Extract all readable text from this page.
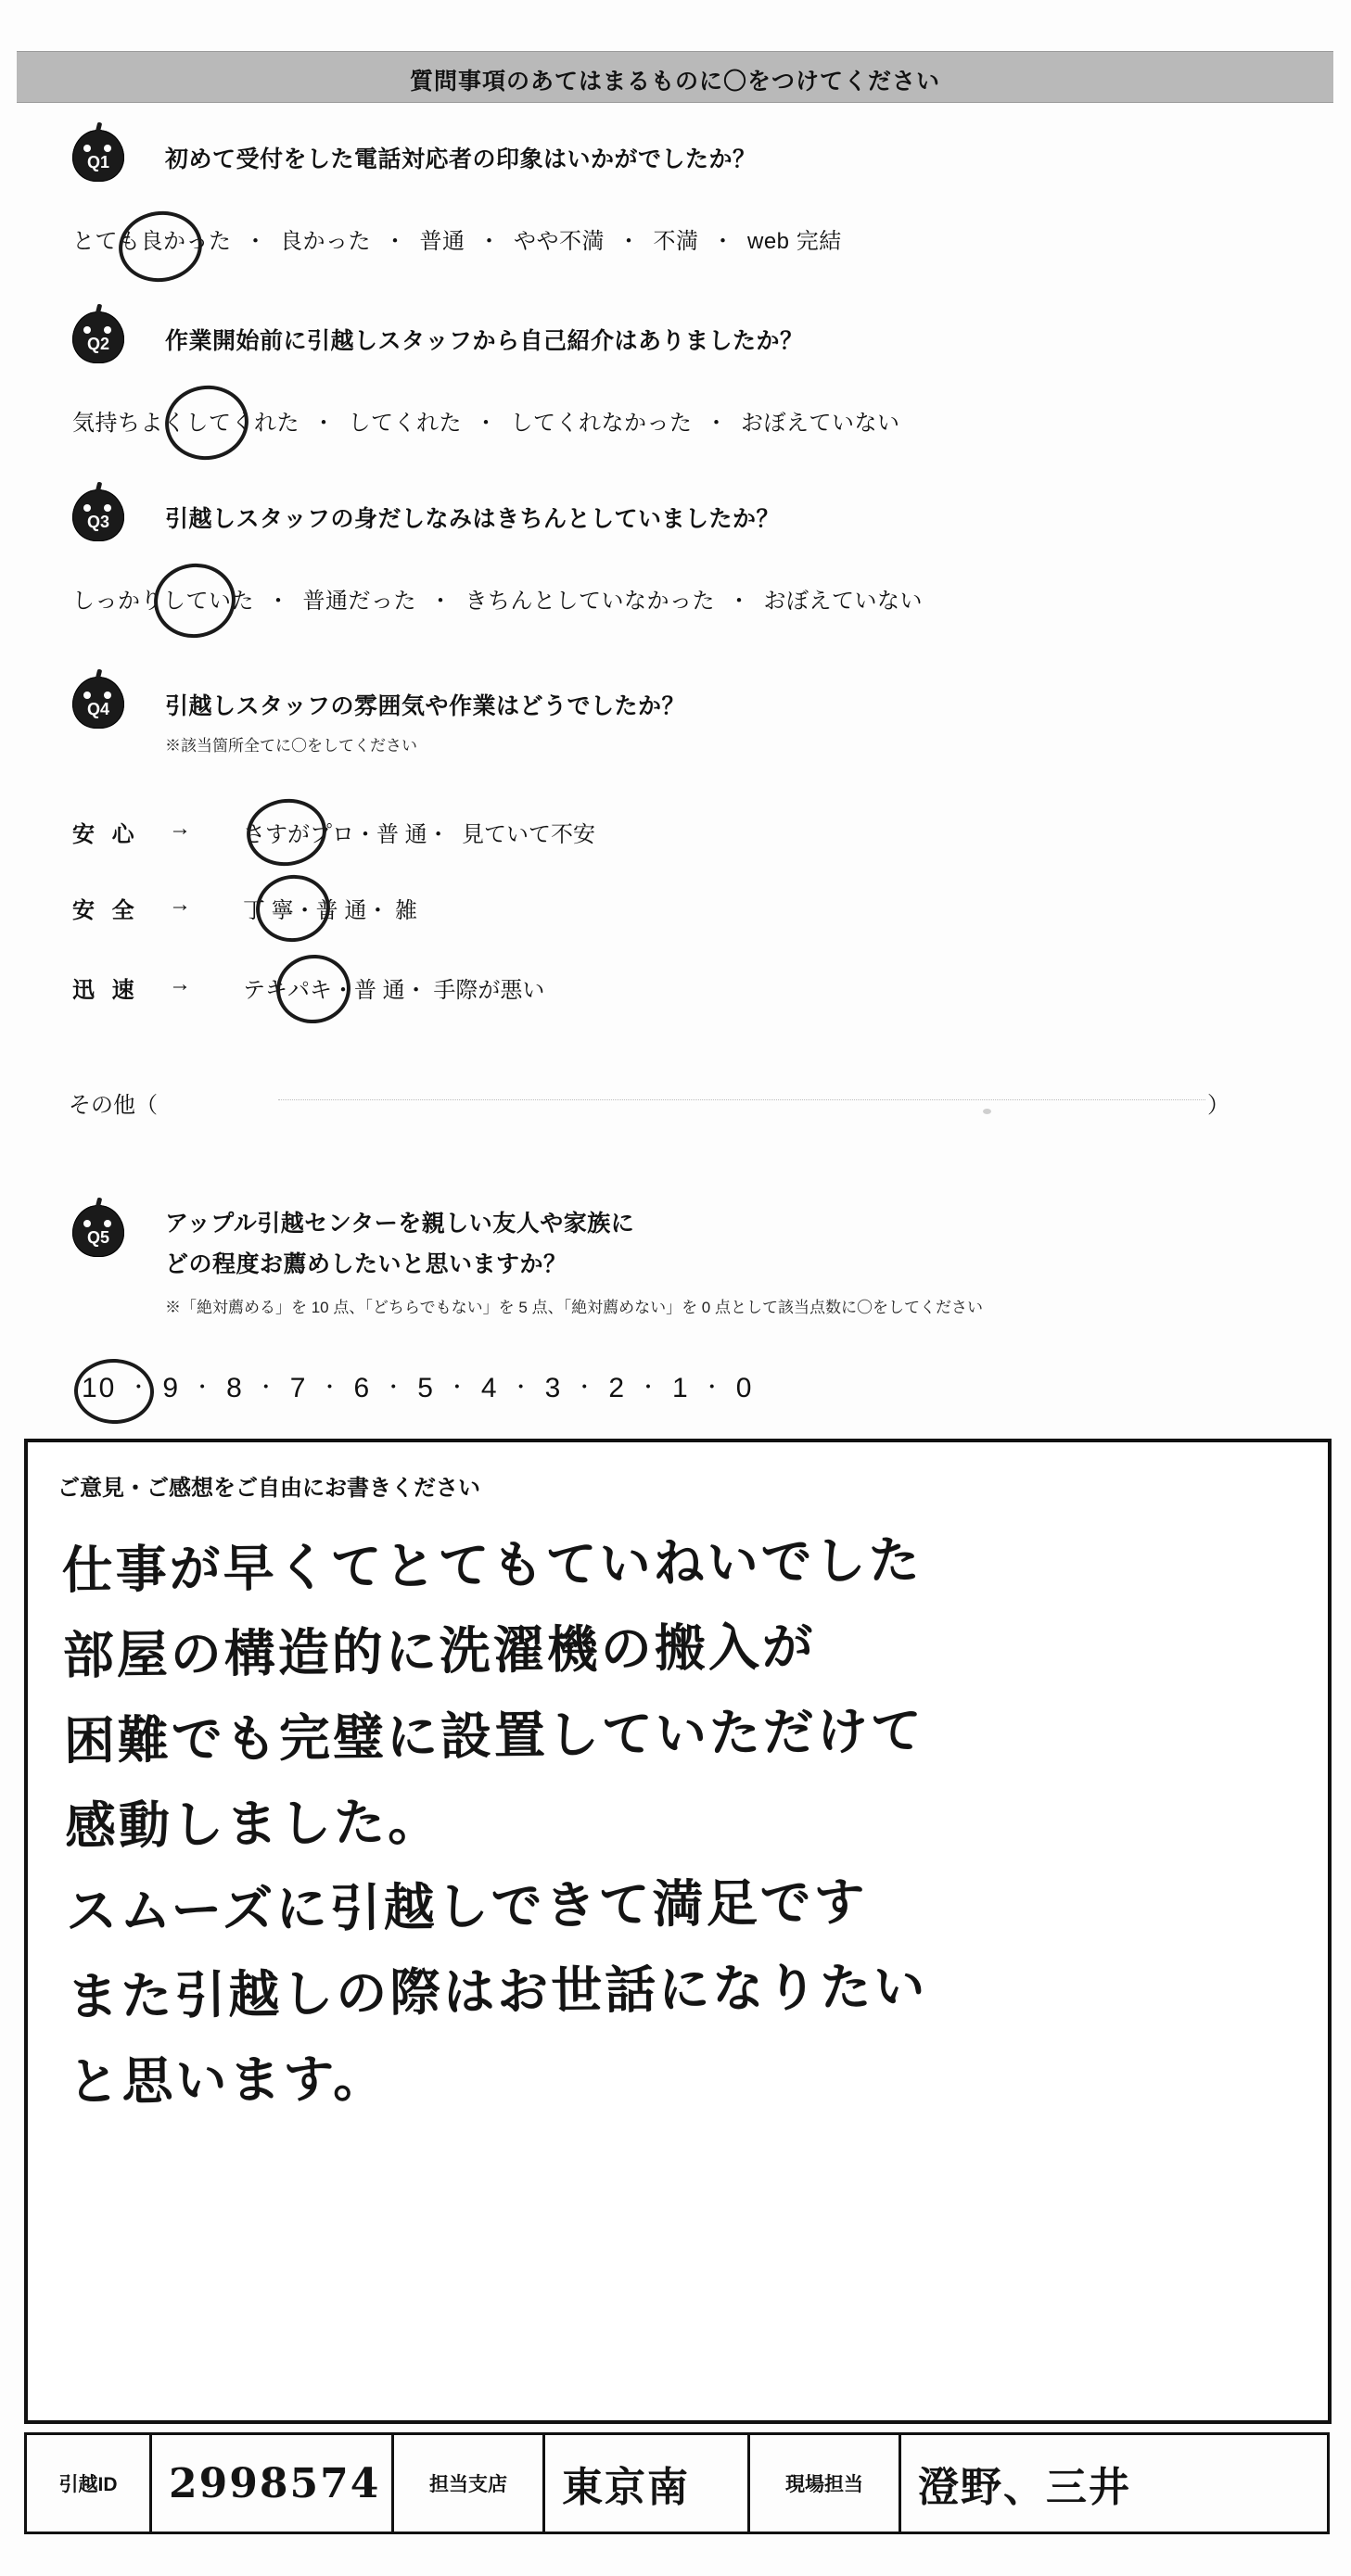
質問事項のあてはまるものに〇をつけてください
Q1	初めて受付をした電話対応者の印象はいかがでしたか？
とても良かった ・ 良かった ・ 普通 ・ やや不満 ・ 不満 ・ web 完結
Q2	作業開始前に引越しスタッフから自己紹介はありましたか？
気持ちよくしてくれた ・ してくれた ・ してくれなかった ・ おぼえていない
Q3	引越しスタッフの身だしなみはきちんとしていましたか？
しっかりしていた ・ 普通だった ・ きちんとしていなかった ・ おぼえていない
Q4	引越しスタッフの雰囲気や作業はどうでしたか？
※該当箇所全てに〇をしてください
安 心 → さすがプロ・普 通・ 見ていて不安
安 全 → 丁 寧・普 通・ 雑
迅 速 → テキパキ・普 通・ 手際が悪い
その他（	）
Q5
アップル引越センターを親しい友人や家族に
どの程度お薦めしたいと思いますか？
※「絶対薦める」を 10 点、「どちらでもない」を 5 点、「絶対薦めない」を 0 点として該当点数に〇をしてください
10 ・ 9 ・ 8 ・ 7 ・ 6 ・ 5 ・ 4 ・ 3 ・ 2 ・ 1 ・ 0
ご意見・ご感想をご自由にお書きください
仕事が早くてとてもていねいでした
部屋の構造的に洗濯機の搬入が
困難でも完璧に設置していただけて
感動しました。
スムーズに引越しできて満足です
また引越しの際はお世話になりたい
と思います。
引越ID	2998574	担当支店	東京南	現場担当	澄野、三井
